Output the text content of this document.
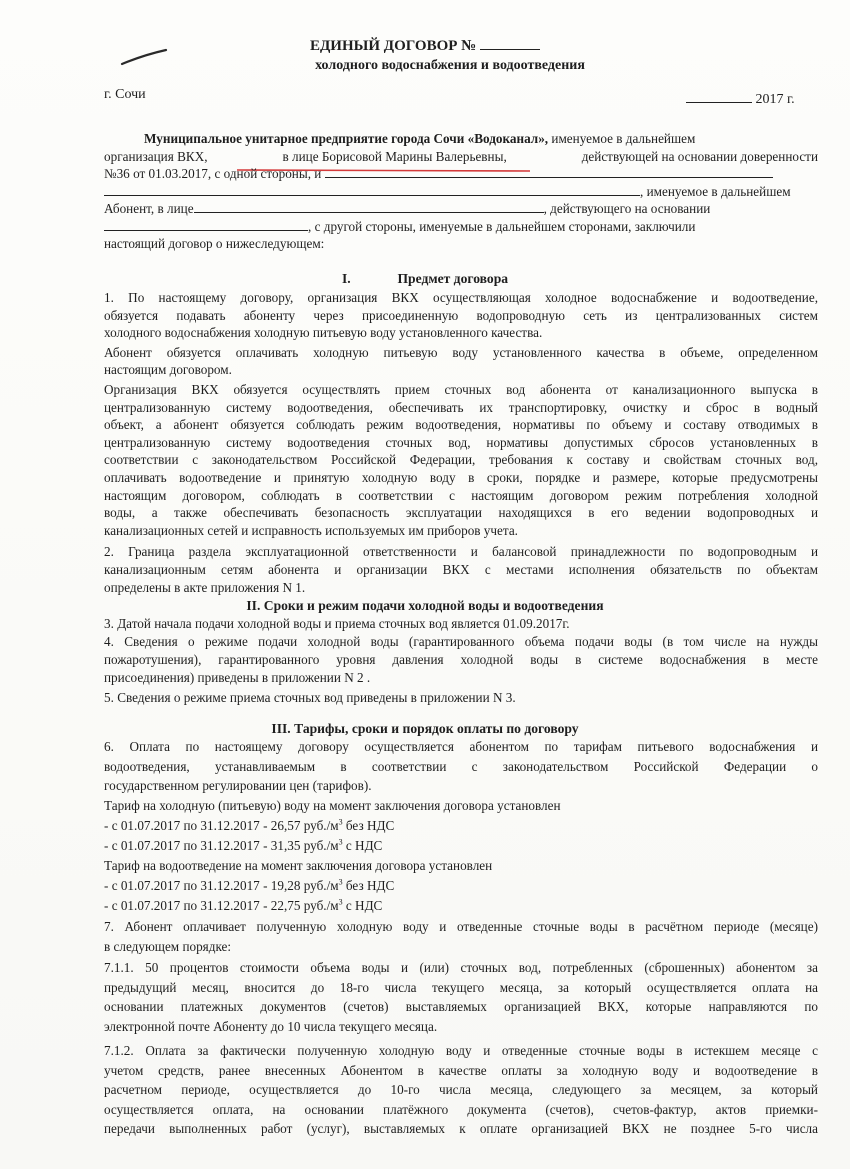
ЕДИНЫЙ ДОГОВОР №
холодного водоснабжения и водоотведения
г. Сочи	2017 г.
Муниципальное унитарное предприятие города Сочи «Водоканал», именуемое в дальнейшем
организация ВКХ,	в лице Борисовой Марины Валерьевны,	действующей на основании доверенности
№36 от 01.03.2017, с одной стороны, и
, именуемое в дальнейшем
Абонент, в лице	, действующего на основании
, с другой стороны, именуемые в дальнейшем сторонами, заключили
настоящий договор о нижеследующем:
I.	Предмет договора
1. По настоящему договору, организация ВКХ осуществляющая холодное водоснабжение и водоотведение,
обязуется подавать абоненту через присоединенную водопроводную сеть из централизованных систем
холодного водоснабжения холодную питьевую воду установленного качества.
Абонент обязуется оплачивать холодную питьевую воду установленного качества в объеме, определенном
настоящим договором.
Организация ВКХ обязуется осуществлять прием сточных вод абонента от канализационного выпуска в
централизованную систему водоотведения, обеспечивать их транспортировку, очистку и сброс в водный
объект, а абонент обязуется соблюдать режим водоотведения, нормативы по объему и составу отводимых в
централизованную систему водоотведения сточных вод, нормативы допустимых сбросов установленных в
соответствии с законодательством Российской Федерации, требования к составу и свойствам сточных вод,
оплачивать водоотведение и принятую холодную воду в сроки, порядке и размере, которые предусмотрены
настоящим договором, соблюдать в соответствии с настоящим договором режим потребления холодной
воды, а также обеспечивать безопасность эксплуатации находящихся в его ведении водопроводных и
канализационных сетей и исправность используемых им приборов учета.
2. Граница раздела эксплуатационной ответственности и балансовой принадлежности по водопроводным и
канализационным сетям абонента и организации ВКХ с местами исполнения обязательств по объектам
определены в акте приложения N 1.
II. Сроки и режим подачи холодной воды и водоотведения
3. Датой начала подачи холодной воды и приема сточных вод является 01.09.2017г.
4. Сведения о режиме подачи холодной воды (гарантированного объема подачи воды (в том числе на нужды
пожаротушения), гарантированного уровня давления холодной воды в системе водоснабжения в месте
присоединения) приведены в приложении N 2 .
5. Сведения о режиме приема сточных вод приведены в приложении N 3.
III. Тарифы, сроки и порядок оплаты по договору
6. Оплата по настоящему договору осуществляется абонентом по тарифам питьевого водоснабжения и
водоотведения, устанавливаемым в соответствии с законодательством Российской Федерации о
государственном регулировании цен (тарифов).
Тариф на холодную (питьевую) воду на момент заключения договора установлен
- с 01.07.2017 по 31.12.2017 - 26,57 $руб./м^3$ без НДС
- с 01.07.2017 по 31.12.2017 - 31,35 $руб./м^3$ с НДС
Тариф на водоотведение на момент заключения договора установлен
- с 01.07.2017 по 31.12.2017 - 19,28 $руб./м^3$ без НДС
- с 01.07.2017 по 31.12.2017 - 22,75 $руб./м^3$ с НДС
7. Абонент оплачивает полученную холодную воду и отведенные сточные воды в расчётном периоде (месяце)
в следующем порядке:
7.1.1. 50 процентов стоимости объема воды и (или) сточных вод, потребленных (сброшенных) абонентом за
предыдущий месяц, вносится до 18-го числа текущего месяца, за который осуществляется оплата на
основании платежных документов (счетов) выставляемых организацией ВКХ, которые направляются по
электронной почте Абоненту до 10 числа текущего месяца.
7.1.2. Оплата за фактически полученную холодную воду и отведенные сточные воды в истекшем месяце с
учетом средств, ранее внесенных Абонентом в качестве оплаты за холодную воду и водоотведение в
расчетном периоде, осуществляется до 10-го числа месяца, следующего за месяцем, за который
осуществляется оплата, на основании платёжного документа (счетов), счетов-фактур, актов приемки-
передачи выполненных работ (услуг), выставляемых к оплате организацией ВКХ не позднее 5-го числа
